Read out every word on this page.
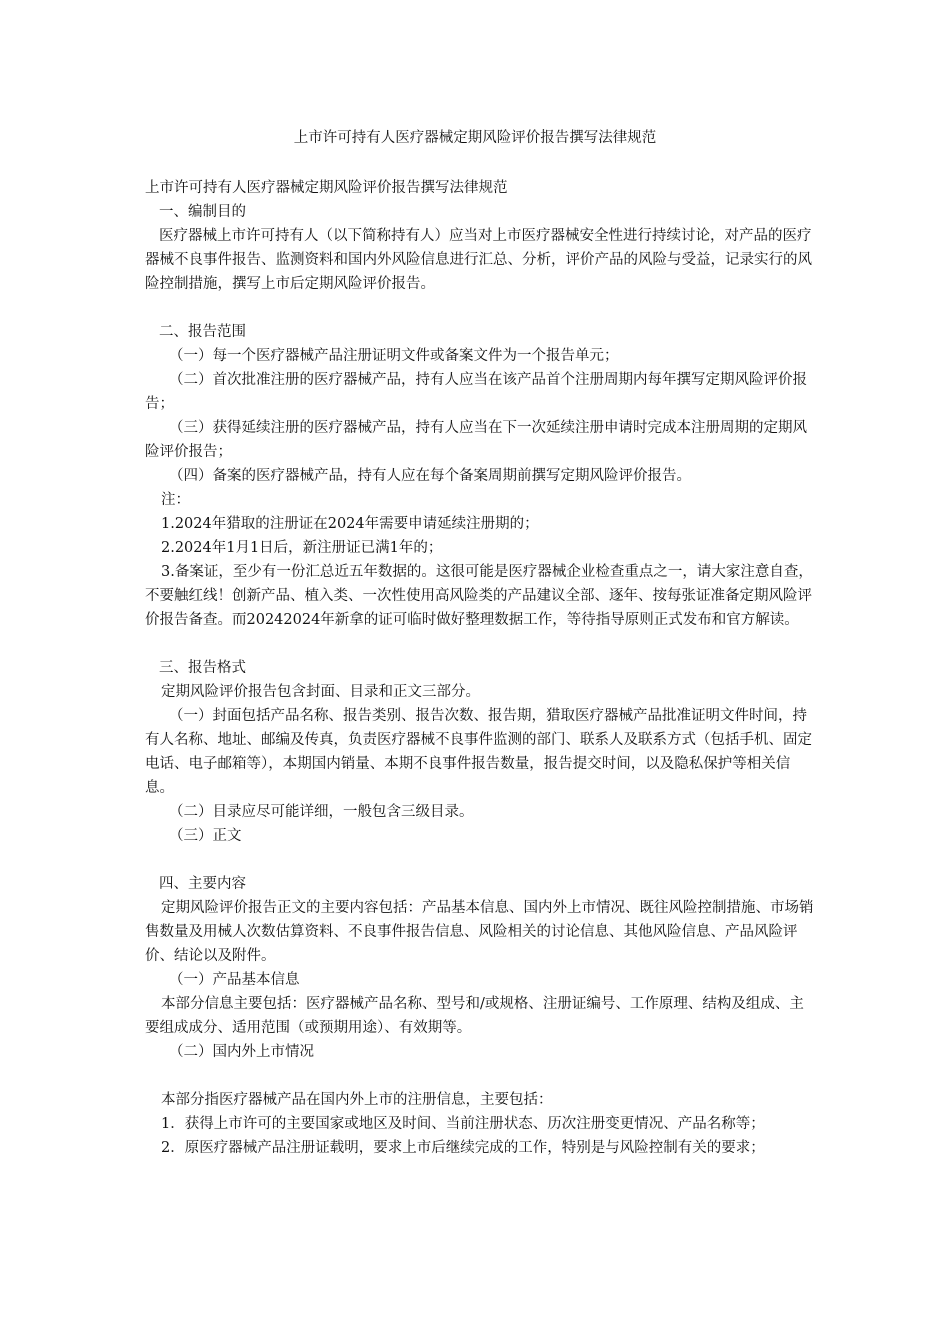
上市许可持有人医疗器械定期风险评价报告撰写法律规范

上市许可持有人医疗器械定期风险评价报告撰写法律规范

一、编制目的

医疗器械上市许可持有人（以下简称持有人）应当对上市医疗器械安全性进行持续讨论，对产品的医疗器械不良事件报告、监测资料和国内外风险信息进行汇总、分析，评价产品的风险与受益，记录实行的风险控制措施，撰写上市后定期风险评价报告。

二、报告范围

（一）每一个医疗器械产品注册证明文件或备案文件为一个报告单元；

（二）首次批准注册的医疗器械产品，持有人应当在该产品首个注册周期内每年撰写定期风险评价报告；

（三）获得延续注册的医疗器械产品，持有人应当在下一次延续注册申请时完成本注册周期的定期风险评价报告；

（四）备案的医疗器械产品，持有人应在每个备案周期前撰写定期风险评价报告。

注：

1.2024年猎取的注册证在2024年需要申请延续注册期的；

2.2024年1月1日后，新注册证已满1年的；

3.备案证，至少有一份汇总近五年数据的。这很可能是医疗器械企业检查重点之一，请大家注意自查，不要触红线！创新产品、植入类、一次性使用高风险类的产品建议全部、逐年、按每张证准备定期风险评价报告备查。而20242024年新拿的证可临时做好整理数据工作，等待指导原则正式发布和官方解读。

三、报告格式

定期风险评价报告包含封面、目录和正文三部分。

（一）封面包括产品名称、报告类别、报告次数、报告期，猎取医疗器械产品批准证明文件时间，持有人名称、地址、邮编及传真，负责医疗器械不良事件监测的部门、联系人及联系方式（包括手机、固定电话、电子邮箱等），本期国内销量、本期不良事件报告数量，报告提交时间，以及隐私保护等相关信息。

（二）目录应尽可能详细，一般包含三级目录。

（三）正文

四、主要内容

定期风险评价报告正文的主要内容包括：产品基本信息、国内外上市情况、既往风险控制措施、市场销售数量及用械人次数估算资料、不良事件报告信息、风险相关的讨论信息、其他风险信息、产品风险评价、结论以及附件。

（一）产品基本信息

本部分信息主要包括：医疗器械产品名称、型号和/或规格、注册证编号、工作原理、结构及组成、主要组成成分、适用范围（或预期用途）、有效期等。

（二）国内外上市情况

本部分指医疗器械产品在国内外上市的注册信息，主要包括：

1．获得上市许可的主要国家或地区及时间、当前注册状态、历次注册变更情况、产品名称等；

2．原医疗器械产品注册证载明，要求上市后继续完成的工作，特别是与风险控制有关的要求；
